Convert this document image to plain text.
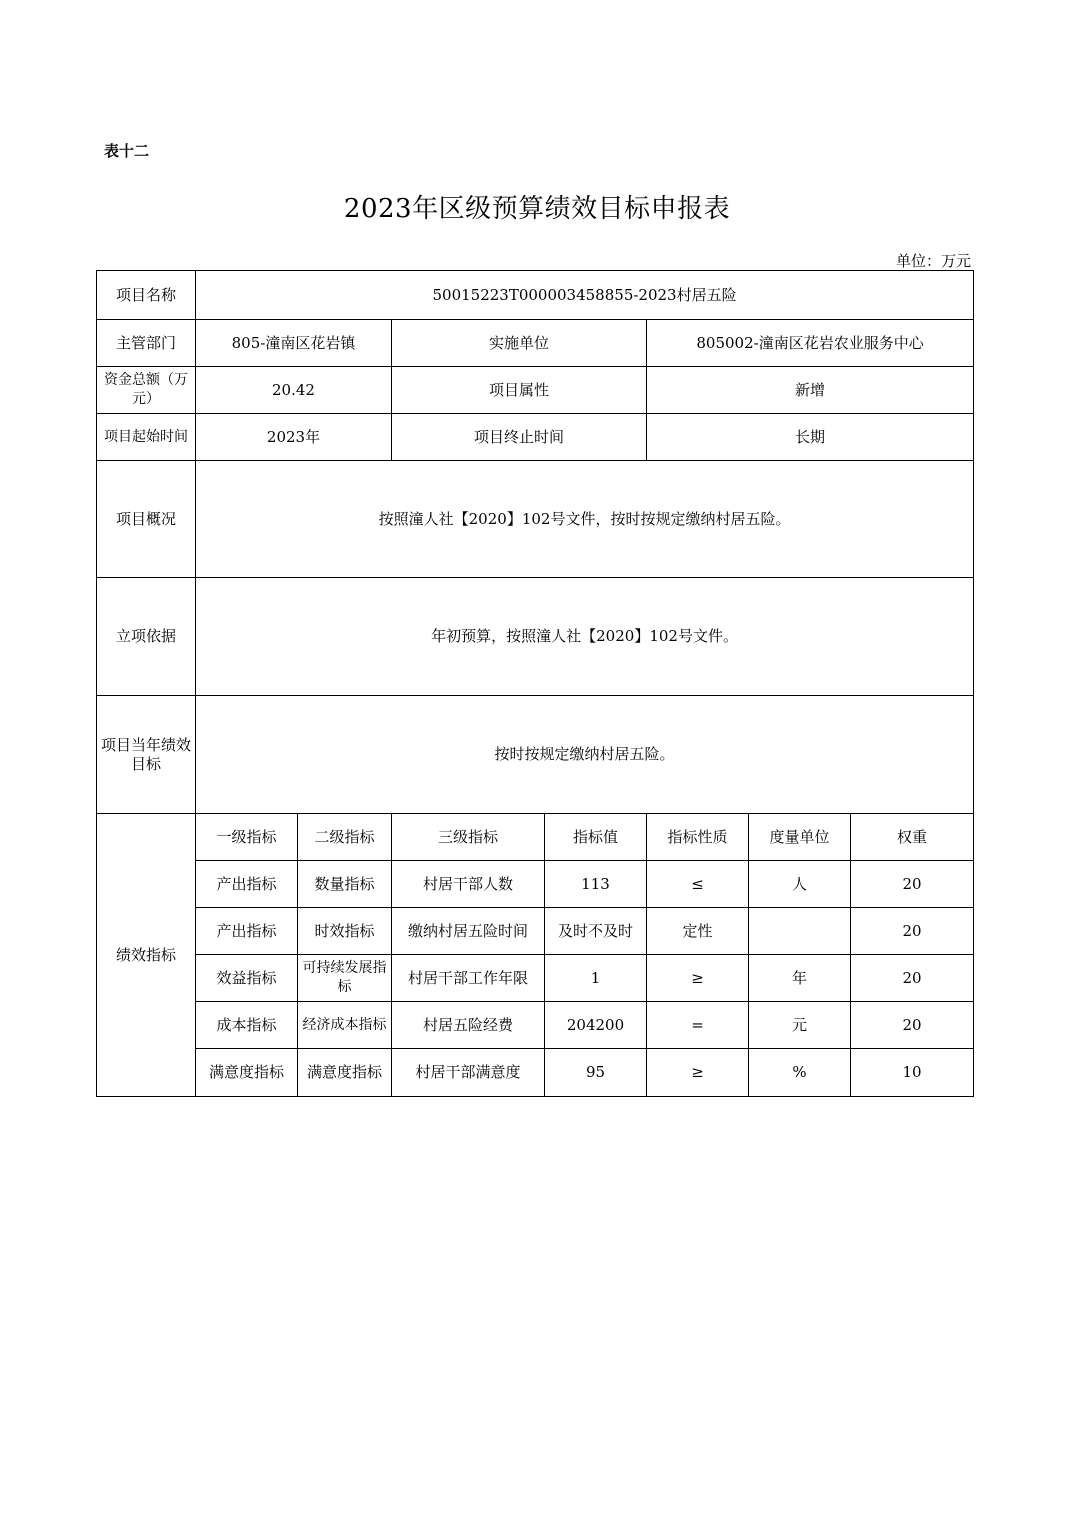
表十二
2023年区级预算绩效目标申报表
单位：万元
项目名称	50015223T000003458855-2023村居五险						
主管部门	805-潼南区花岩镇		实施单位		805002-潼南区花岩农业服务中心		
资金总额（万元）	20.42		项目属性		新增		
项目起始时间	2023年		项目终止时间		长期		
项目概况	按照潼人社【2020】102号文件，按时按规定缴纳村居五险。						
立项依据	年初预算，按照潼人社【2020】102号文件。						
项目当年绩效目标	按时按规定缴纳村居五险。						
绩效指标	一级指标	二级指标	三级指标	指标值	指标性质	度量单位	权重
	产出指标	数量指标	村居干部人数	113	≤	人	20
	产出指标	时效指标	缴纳村居五险时间	及时不及时	定性		20
	效益指标	可持续发展指标	村居干部工作年限	1	≥	年	20
	成本指标	经济成本指标	村居五险经费	204200	=	元	20
	满意度指标	满意度指标	村居干部满意度	95	≥	%	10
